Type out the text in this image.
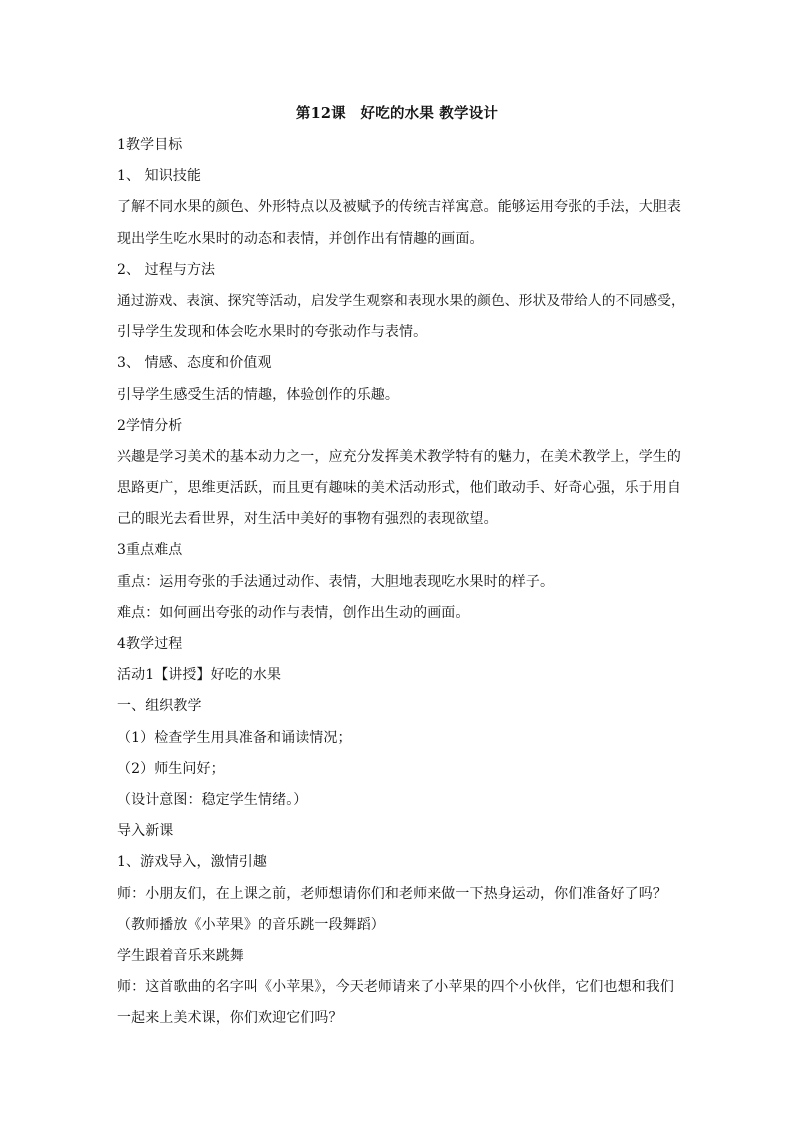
第12课　好吃的水果 教学设计
1教学目标
1、 知识技能
了解不同水果的颜色、外形特点以及被赋予的传统吉祥寓意。能够运用夸张的手法，大胆表
现出学生吃水果时的动态和表情，并创作出有情趣的画面。
2、 过程与方法
通过游戏、表演、探究等活动，启发学生观察和表现水果的颜色、形状及带给人的不同感受，
引导学生发现和体会吃水果时的夸张动作与表情。
3、 情感、态度和价值观
引导学生感受生活的情趣，体验创作的乐趣。
2学情分析
兴趣是学习美术的基本动力之一，应充分发挥美术教学特有的魅力，在美术教学上，学生的
思路更广，思维更活跃，而且更有趣味的美术活动形式，他们敢动手、好奇心强，乐于用自
己的眼光去看世界，对生活中美好的事物有强烈的表现欲望。
3重点难点
重点：运用夸张的手法通过动作、表情，大胆地表现吃水果时的样子。
难点：如何画出夸张的动作与表情，创作出生动的画面。
4教学过程
活动1【讲授】好吃的水果
一、组织教学
（1）检查学生用具准备和诵读情况；
（2）师生问好；
（设计意图：稳定学生情绪。）
导入新课
1、游戏导入，激情引趣
师：小朋友们，在上课之前，老师想请你们和老师来做一下热身运动，你们准备好了吗？
（教师播放《小苹果》的音乐跳一段舞蹈）
学生跟着音乐来跳舞
师：这首歌曲的名字叫《小苹果》，今天老师请来了小苹果的四个小伙伴，它们也想和我们
一起来上美术课，你们欢迎它们吗？
